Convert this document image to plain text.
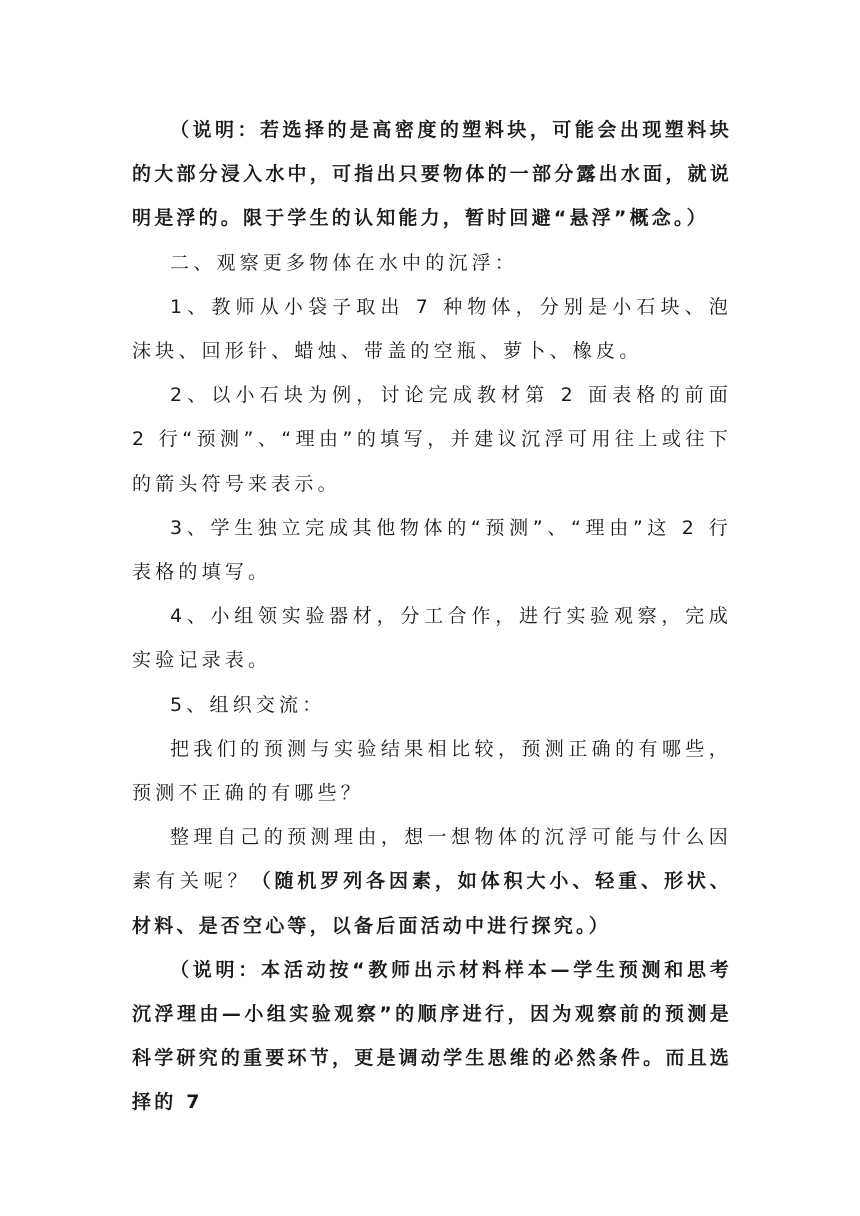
（说明：若选择的是高密度的塑料块，可能会出现塑料块的大部分浸入水中，可指出只要物体的一部分露出水面，就说明是浮的。限于学生的认知能力，暂时回避“悬浮”概念。）

二、观察更多物体在水中的沉浮：

1、教师从小袋子取出 7 种物体，分别是小石块、泡沫块、回形针、蜡烛、带盖的空瓶、萝卜、橡皮。

2、以小石块为例，讨论完成教材第 2 面表格的前面 2 行“预测”、“理由”的填写，并建议沉浮可用往上或往下的箭头符号来表示。

3、学生独立完成其他物体的“预测”、“理由”这 2 行表格的填写。

4、小组领实验器材，分工合作，进行实验观察，完成实验记录表。

5、组织交流：

把我们的预测与实验结果相比较，预测正确的有哪些，预测不正确的有哪些？

整理自己的预测理由，想一想物体的沉浮可能与什么因素有关呢？（随机罗列各因素，如体积大小、轻重、形状、材料、是否空心等，以备后面活动中进行探究。）

（说明：本活动按“教师出示材料样本—学生预测和思考沉浮理由—小组实验观察”的顺序进行，因为观察前的预测是科学研究的重要环节，更是调动学生思维的必然条件。而且选择的 7
